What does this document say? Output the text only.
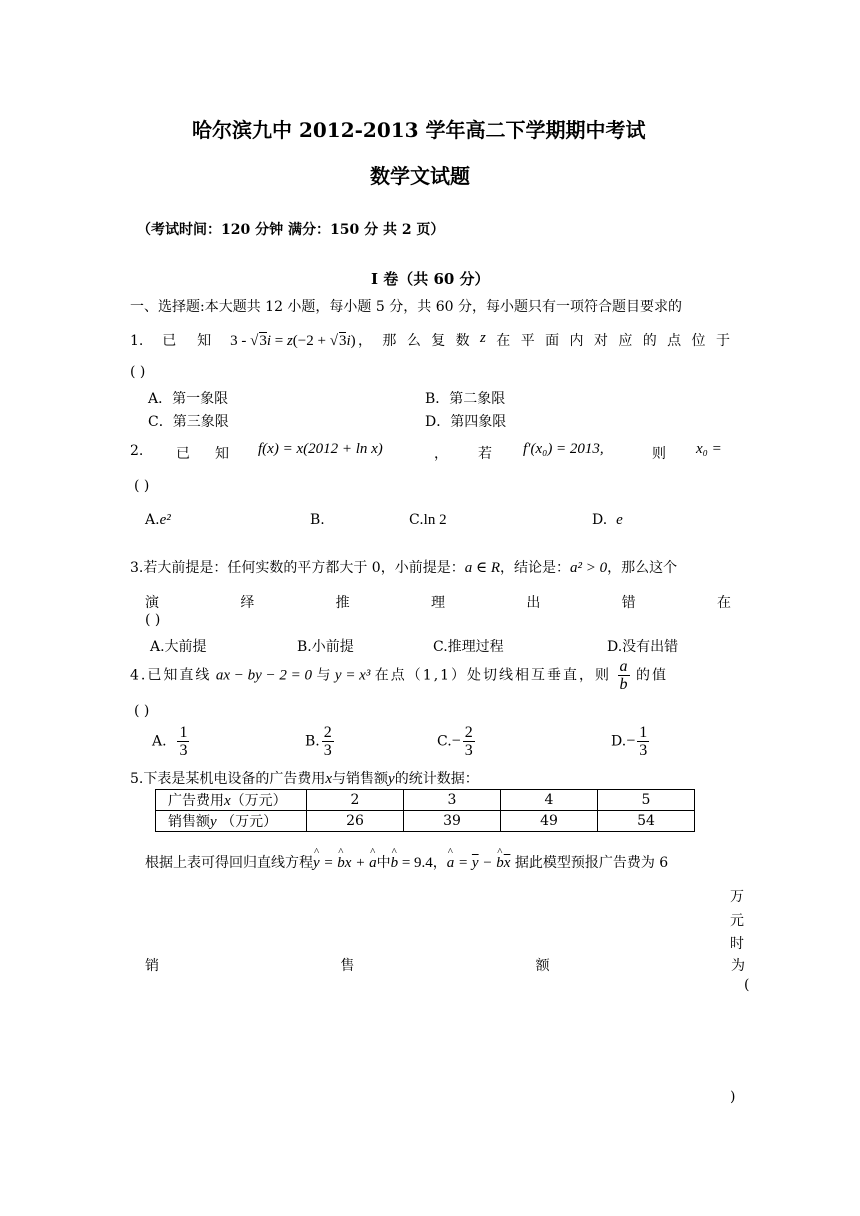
哈尔滨九中 2012-2013 学年高二下学期期中考试
数学文试题
（考试时间：120 分钟 满分：150 分 共 2 页）
I 卷（共 60 分）
一、选择题:本大题共 12 小题，每小题 5 分，共 60 分，每小题只有一项符合题目要求的
1. 已 知 3 - √3i = z(−2 + √3i) ， 那 么 复 数 z 在 平 面 内 对 应 的 点 位 于
( )
A．第一象限	B．第二象限
C．第三象限	D．第四象限
2. 已 知 f(x) = x(2012 + ln x)	， 若 f′(x₀) = 2013,	则 x₀ =
( )
A.e²	B.	C.ln 2	D. e
3.若大前提是：任何实数的平方都大于 0，小前提是：a ∈ R，结论是：a² > 0，那么这个
演	绎	推	理	出	错	在
( )
A.大前提	B.小前提	C.推理过程	D.没有出错
4.已知直线 ax − by − 2 = 0 与 y = x³ 在点（1,1）处切线相互垂直，则 $\frac{a}{b}$ 的值
( )
A. $\frac{1}{3}$	B. $\frac{2}{3}$	$C.- \frac{2}{3}$	$D.- \frac{1}{3}$
5.下表是某机电设备的广告费用x与销售额y的统计数据：
广告费用x（万元）	2	3	4	5
销售额y （万元）	26	39	49	54
根据上表可得回归直线方程^ y = ^ bx + ^ a中^ b = 9.4，^ $a = \overline{y}$ − ^ $b\overline{x}$ 据此模型预报广告费为 6
万
元
时
销	售	额	为
(
)
